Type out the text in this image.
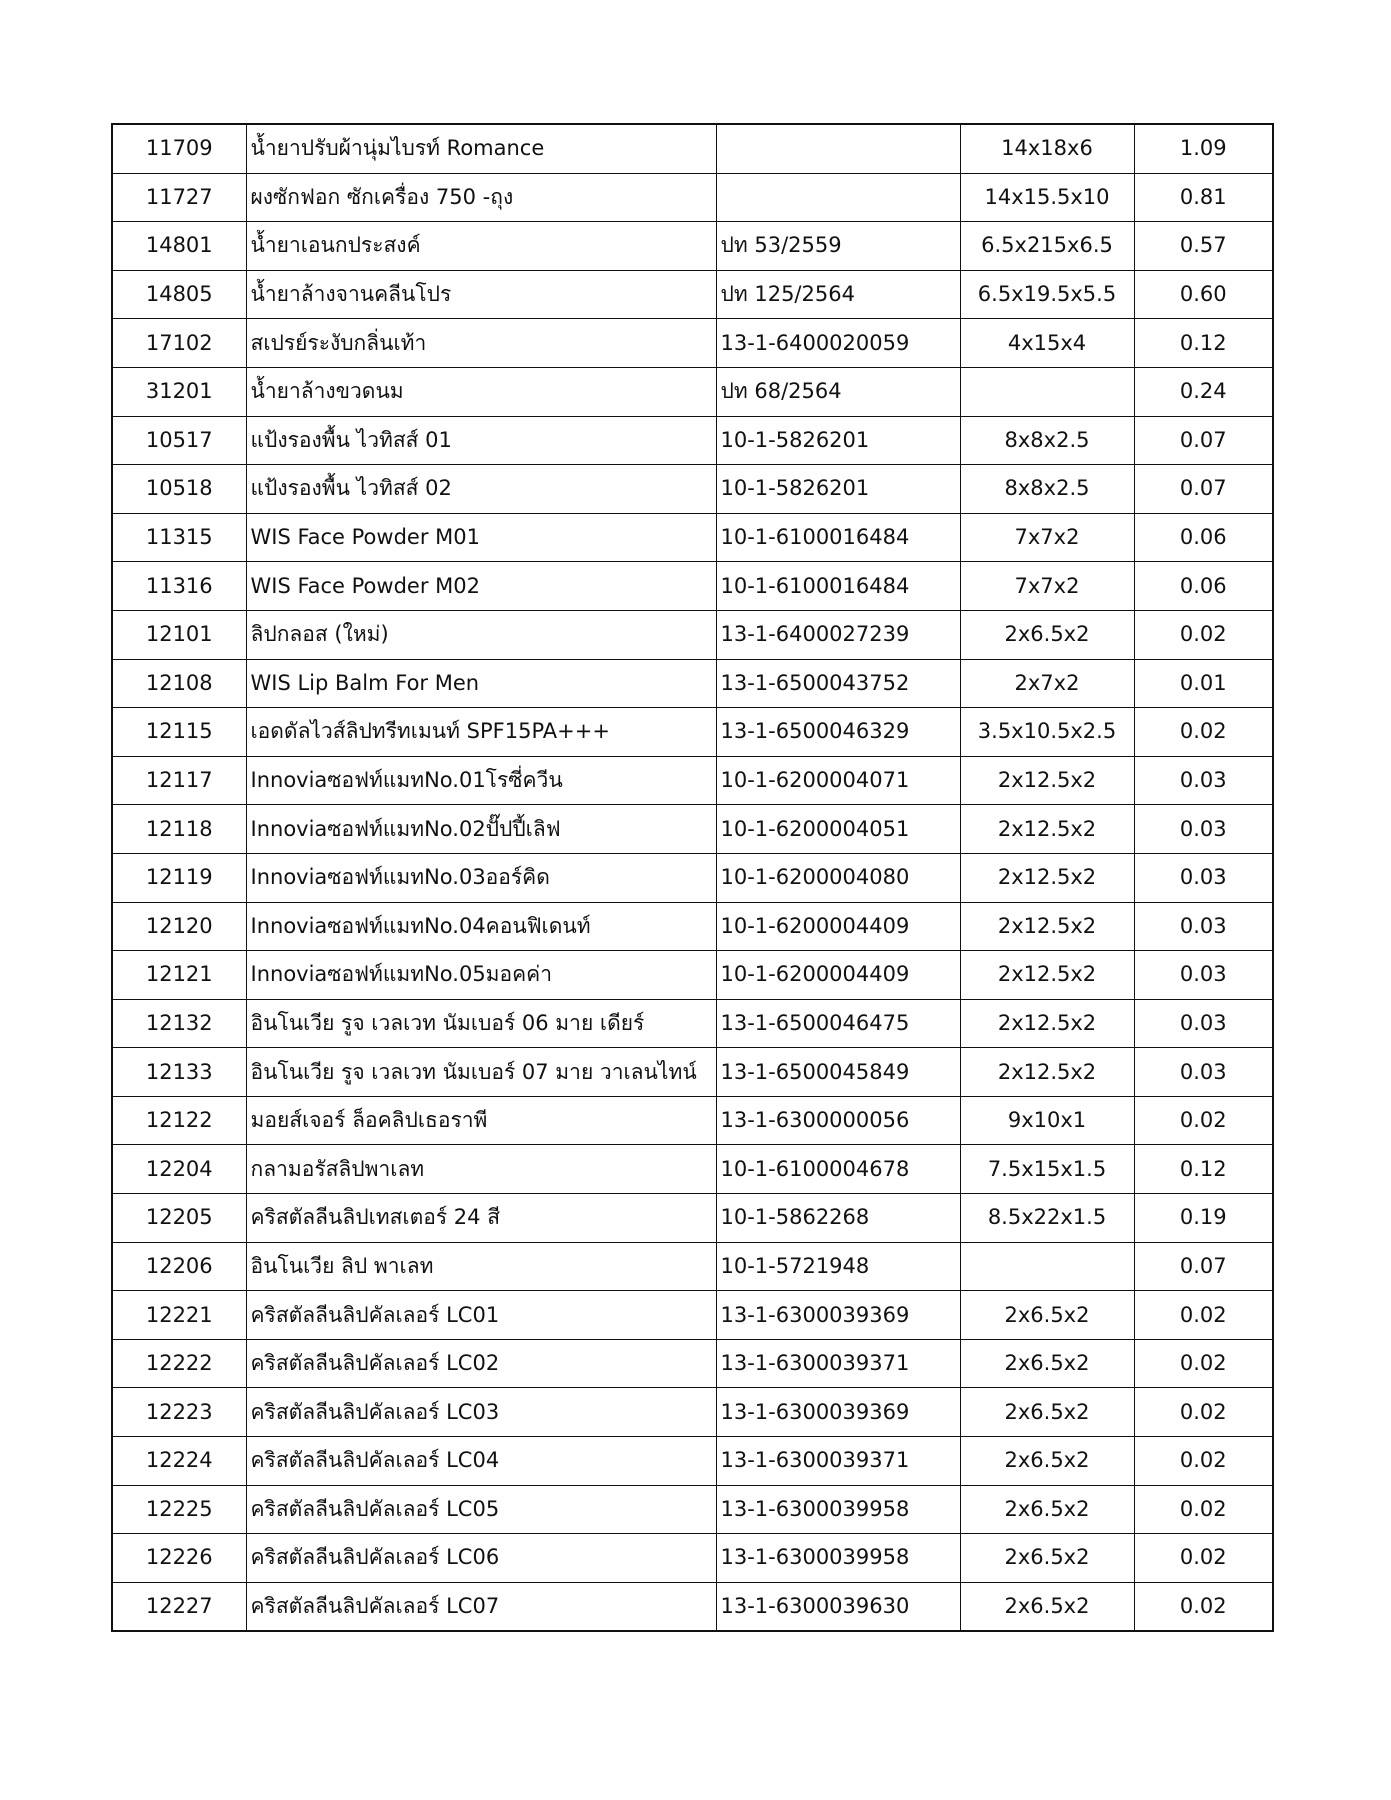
11709	น้ำยาปรับผ้านุ่มไบรท์ Romance		14x18x6	1.09
11727	ผงซักฟอก ซักเครื่อง 750 -ถุง		14x15.5x10	0.81
14801	น้ำยาเอนกประสงค์	ปท 53/2559	6.5x215x6.5	0.57
14805	น้ำยาล้างจานคลีนโปร	ปท 125/2564	6.5x19.5x5.5	0.60
17102	สเปรย์ระงับกลิ่นเท้า	13-1-6400020059	4x15x4	0.12
31201	น้ำยาล้างขวดนม	ปท 68/2564		0.24
10517	แป้งรองพื้น ไวทิสส์ 01	10-1-5826201	8x8x2.5	0.07
10518	แป้งรองพื้น ไวทิสส์ 02	10-1-5826201	8x8x2.5	0.07
11315	WIS Face Powder M01	10-1-6100016484	7x7x2	0.06
11316	WIS Face Powder M02	10-1-6100016484	7x7x2	0.06
12101	ลิปกลอส (ใหม่)	13-1-6400027239	2x6.5x2	0.02
12108	WIS Lip Balm For Men	13-1-6500043752	2x7x2	0.01
12115	เอดดัลไวส์ลิปทรีทเมนท์ SPF15PA+++	13-1-6500046329	3.5x10.5x2.5	0.02
12117	Innoviaซอฟท์แมทNo.01โรซี่ควีน	10-1-6200004071	2x12.5x2	0.03
12118	Innoviaซอฟท์แมทNo.02ปั๊ปปี้เลิฟ	10-1-6200004051	2x12.5x2	0.03
12119	Innoviaซอฟท์แมทNo.03ออร์คิด	10-1-6200004080	2x12.5x2	0.03
12120	Innoviaซอฟท์แมทNo.04คอนฟิเดนท์	10-1-6200004409	2x12.5x2	0.03
12121	Innoviaซอฟท์แมทNo.05มอคค่า	10-1-6200004409	2x12.5x2	0.03
12132	อินโนเวีย รูจ เวลเวท นัมเบอร์ 06 มาย เดียร์	13-1-6500046475	2x12.5x2	0.03
12133	อินโนเวีย รูจ เวลเวท นัมเบอร์ 07 มาย วาเลนไทน์	13-1-6500045849	2x12.5x2	0.03
12122	มอยส์เจอร์ ล็อคลิปเธอราพี	13-1-6300000056	9x10x1	0.02
12204	กลามอรัสลิปพาเลท	10-1-6100004678	7.5x15x1.5	0.12
12205	คริสตัลลีนลิปเทสเตอร์ 24 สี	10-1-5862268	8.5x22x1.5	0.19
12206	อินโนเวีย ลิป พาเลท	10-1-5721948		0.07
12221	คริสตัลลีนลิปคัลเลอร์ LC01	13-1-6300039369	2x6.5x2	0.02
12222	คริสตัลลีนลิปคัลเลอร์ LC02	13-1-6300039371	2x6.5x2	0.02
12223	คริสตัลลีนลิปคัลเลอร์ LC03	13-1-6300039369	2x6.5x2	0.02
12224	คริสตัลลีนลิปคัลเลอร์ LC04	13-1-6300039371	2x6.5x2	0.02
12225	คริสตัลลีนลิปคัลเลอร์ LC05	13-1-6300039958	2x6.5x2	0.02
12226	คริสตัลลีนลิปคัลเลอร์ LC06	13-1-6300039958	2x6.5x2	0.02
12227	คริสตัลลีนลิปคัลเลอร์ LC07	13-1-6300039630	2x6.5x2	0.02
